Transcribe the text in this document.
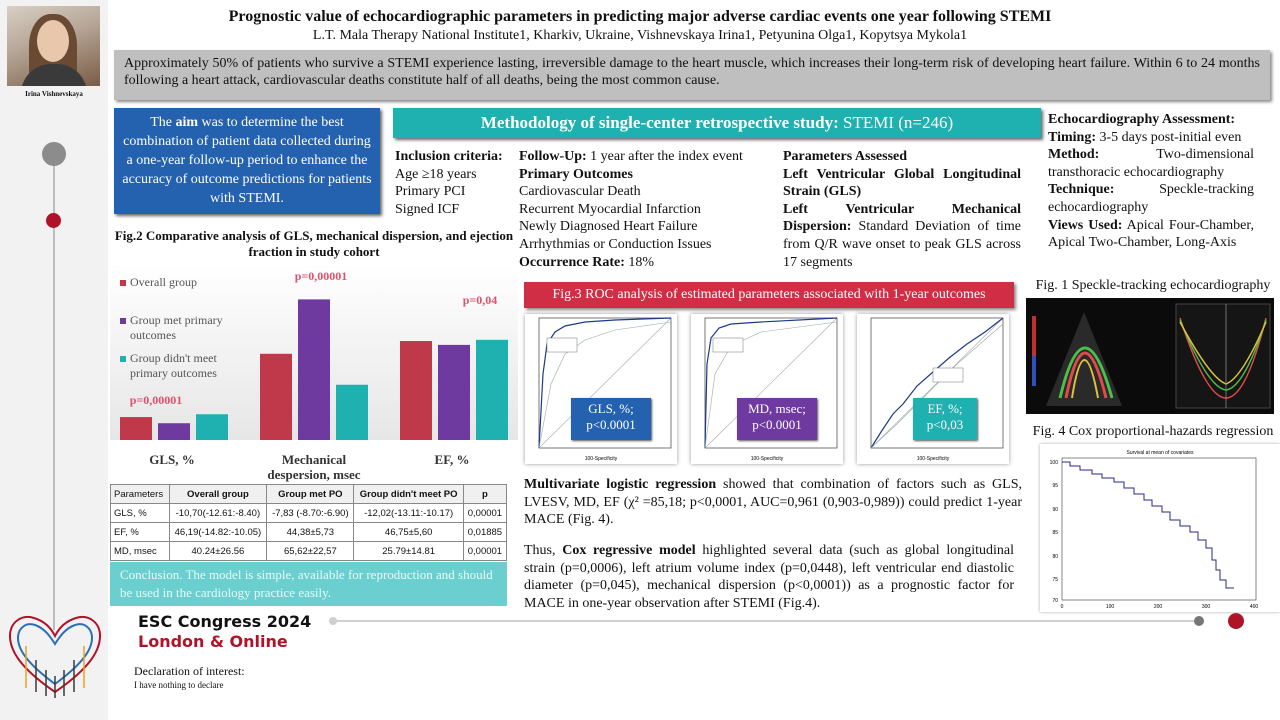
Irina Vishnevskaya
Prognostic value of echocardiographic parameters in predicting major adverse cardiac events one year following STEMI
L.T. Mala Therapy National Institute1, Kharkiv, Ukraine, Vishnevskaya Irina1, Petyunina Olga1, Kopytsya Mykola1
Approximately 50% of patients who survive a STEMI experience lasting, irreversible damage to the heart muscle, which increases their long-term risk of developing heart failure. Within 6 to 24 months following a heart attack, cardiovascular deaths constitute half of all deaths, being the most common cause.
The aim was to determine the best combination of patient data collected during a one-year follow-up period to enhance the accuracy of outcome predictions for patients with STEMI.
Fig.2 Comparative analysis of GLS, mechanical dispersion, and ejection fraction in study cohort
p=0,00001
p=0,00001
p=0,04
GLS, %	Mechanical despersion, msec
EF, %
Overall group
Group met primary outcomes
Group didn't meet primary outcomes
Parameters	Overall group	Group met PO	Group didn't meet PO	p
GLS, %	-10,70(-12.61:-8.40)	-7,83 (-8.70:-6.90)	-12,02(-13.11:-10.17)	0,00001
EF, %	46,19(-14.82:-10.05)	44,38±5,73	46,75±5,60	0,01885
MD, msec	40.24±26.56	65,62±22,57	25.79±14.81	0,00001
Conclusion. The model is simple, available for reproduction and should be used in the cardiology practice easily.
ESC Congress 2024
London & Online
Declaration of interest:
I have nothing to declare
Methodology of single-center retrospective study: STEMI (n=246)
Inclusion criteria:
Age ≥18 years
Primary PCI
Signed ICF
Follow-Up: 1 year after the index event
Primary Outcomes
Cardiovascular Death
Recurrent Myocardial Infarction
Newly Diagnosed Heart Failure
Arrhythmias or Conduction Issues
Occurrence Rate: 18%
Parameters Assessed
Left Ventricular Global Longitudinal Strain (GLS)
Left Ventricular Mechanical Dispersion: Standard Deviation of time from Q/R wave onset to peak GLS across 17 segments
Fig.3 ROC analysis of estimated parameters associated with 1-year outcomes
100-Specificity
GLS, %;
p<0.0001
100-Specificity
MD, msec;
p<0.0001
100-Specificity
EF, %;
p<0,03
Multivariate logistic regression showed that combination of factors such as GLS, LVESV, MD, EF (χ² =85,18; p<0,0001, AUC=0,961 (0,903-0,989)) could predict 1-year MACE (Fig. 4).
Thus, Cox regressive model highlighted several data (such as global longitudinal strain (p=0,0006), left atrium volume index (p=0,0448), left ventricular end diastolic diameter (p=0,045), mechanical dispersion (p<0,0001)) as a prognostic factor for MACE in one-year observation after STEMI (Fig.4).
Echocardiography Assessment:
Timing: 3-5 days post-initial even
Method: Two-dimensional transthoracic echocardiography
Technique: Speckle-tracking echocardiography
Views Used: Apical Four-Chamber, Apical Two-Chamber, Long-Axis
Fig. 1 Speckle-tracking echocardiography
Fig. 4 Cox proportional-hazards regression
Survival at mean of covariates
100
95
90
85
80
75
70
0	100	200	300	400
